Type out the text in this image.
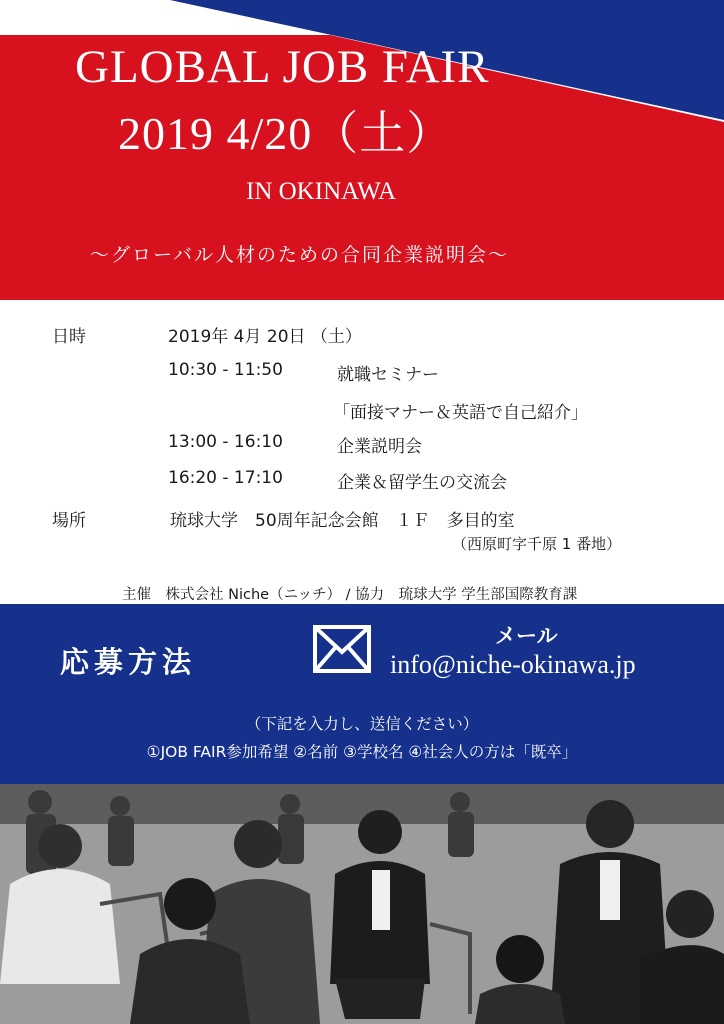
GLOBAL JOB FAIR
2019 4/20（土）
IN OKINAWA
～グローバル人材のための合同企業説明会～
日時	2019年 4月 20日 （土）
10:30 - 11:50	就職セミナー
「面接マナー＆英語で自己紹介」
13:00 - 16:10	企業説明会
16:20 - 17:10	企業＆留学生の交流会
場所	琉球大学　50周年記念会館　１Ｆ　多目的室
（西原町字千原 1 番地）
主催　株式会社 Niche（ニッチ） / 協力　琉球大学 学生部国際教育課
応募方法
メール
info@niche-okinawa.jp
（下記を入力し、送信ください）
①JOB FAIR参加希望 ②名前 ③学校名 ④社会人の方は「既卒」
